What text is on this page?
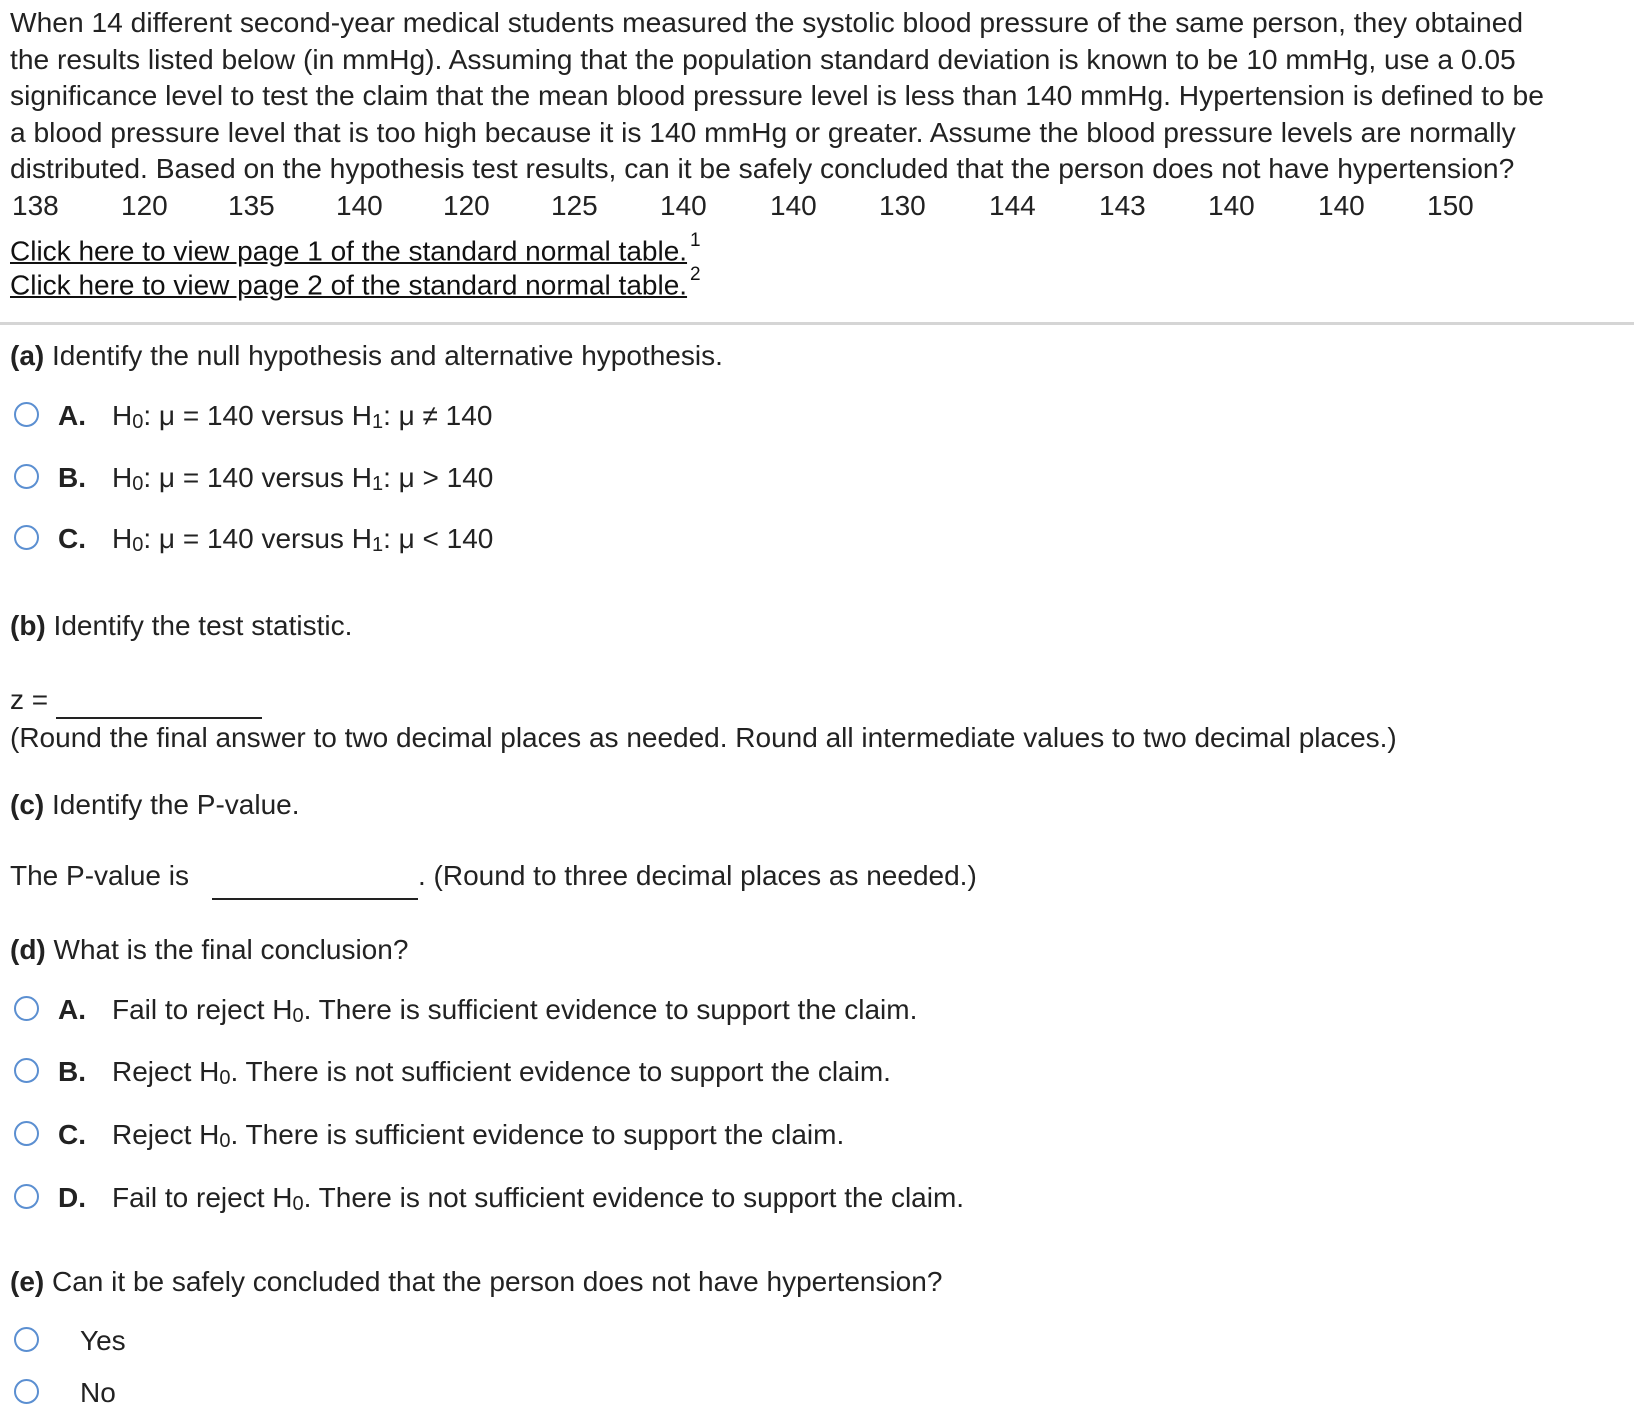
When 14 different second-year medical students measured the systolic blood pressure of the same person, they obtained
the results listed below (in mmHg). Assuming that the population standard deviation is known to be 10 mmHg, use a 0.05
significance level to test the claim that the mean blood pressure level is less than 140 mmHg. Hypertension is defined to be
a blood pressure level that is too high because it is 140 mmHg or greater. Assume the blood pressure levels are normally
distributed. Based on the hypothesis test results, can it be safely concluded that the person does not have hypertension?
138 120 135 140 120 125 140 140 130 144 143 140 140 150
Click here to view page 1 of the standard normal table. $^1$
Click here to view page 2 of the standard normal table. $^2$
(a) Identify the null hypothesis and alternative hypothesis.
A. $H_0$: μ = 140 versus $H_1$: μ ≠ 140
B. $H_0$: μ = 140 versus $H_1$: μ > 140
C. $H_0$: μ = 140 versus $H_1$: μ < 140
(b) Identify the test statistic.
z =
(Round the final answer to two decimal places as needed. Round all intermediate values to two decimal places.)
(c) Identify the P-value.
The P-value is	. (Round to three decimal places as needed.)
(d) What is the final conclusion?
A. Fail to reject $H_0$. There is sufficient evidence to support the claim.
B. Reject $H_0$. There is not sufficient evidence to support the claim.
C. Reject $H_0$. There is sufficient evidence to support the claim.
D. Fail to reject $H_0$. There is not sufficient evidence to support the claim.
(e) Can it be safely concluded that the person does not have hypertension?
Yes
No
